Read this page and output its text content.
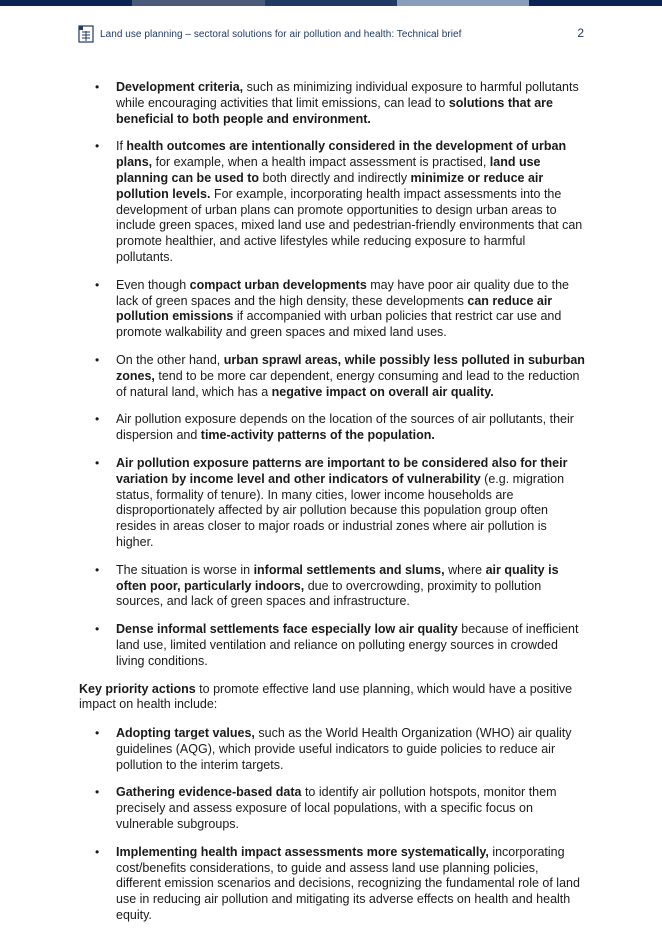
Land use planning – sectoral solutions for air pollution and health: Technical brief	2
• Development criteria, such as minimizing individual exposure to harmful pollutants while encouraging activities that limit emissions, can lead to solutions that are beneficial to both people and environment.
• If health outcomes are intentionally considered in the development of urban plans, for example, when a health impact assessment is practised, land use planning can be used to both directly and indirectly minimize or reduce air pollution levels. For example, incorporating health impact assessments into the development of urban plans can promote opportunities to design urban areas to include green spaces, mixed land use and pedestrian-friendly environments that can promote healthier, and active lifestyles while reducing exposure to harmful pollutants.
• Even though compact urban developments may have poor air quality due to the lack of green spaces and the high density, these developments can reduce air pollution emissions if accompanied with urban policies that restrict car use and promote walkability and green spaces and mixed land uses.
• On the other hand, urban sprawl areas, while possibly less polluted in suburban zones, tend to be more car dependent, energy consuming and lead to the reduction of natural land, which has a negative impact on overall air quality.
• Air pollution exposure depends on the location of the sources of air pollutants, their dispersion and time-activity patterns of the population.
• Air pollution exposure patterns are important to be considered also for their variation by income level and other indicators of vulnerability (e.g. migration status, formality of tenure). In many cities, lower income households are disproportionately affected by air pollution because this population group often resides in areas closer to major roads or industrial zones where air pollution is higher.
• The situation is worse in informal settlements and slums, where air quality is often poor, particularly indoors, due to overcrowding, proximity to pollution sources, and lack of green spaces and infrastructure.
• Dense informal settlements face especially low air quality because of inefficient land use, limited ventilation and reliance on polluting energy sources in crowded living conditions.

Key priority actions to promote effective land use planning, which would have a positive impact on health include:

• Adopting target values, such as the World Health Organization (WHO) air quality guidelines (AQG), which provide useful indicators to guide policies to reduce air pollution to the interim targets.
• Gathering evidence-based data to identify air pollution hotspots, monitor them precisely and assess exposure of local populations, with a specific focus on vulnerable subgroups.
• Implementing health impact assessments more systematically, incorporating cost/benefits considerations, to guide and assess land use planning policies, different emission scenarios and decisions, recognizing the fundamental role of land use in reducing air pollution and mitigating its adverse effects on health and health equity.
